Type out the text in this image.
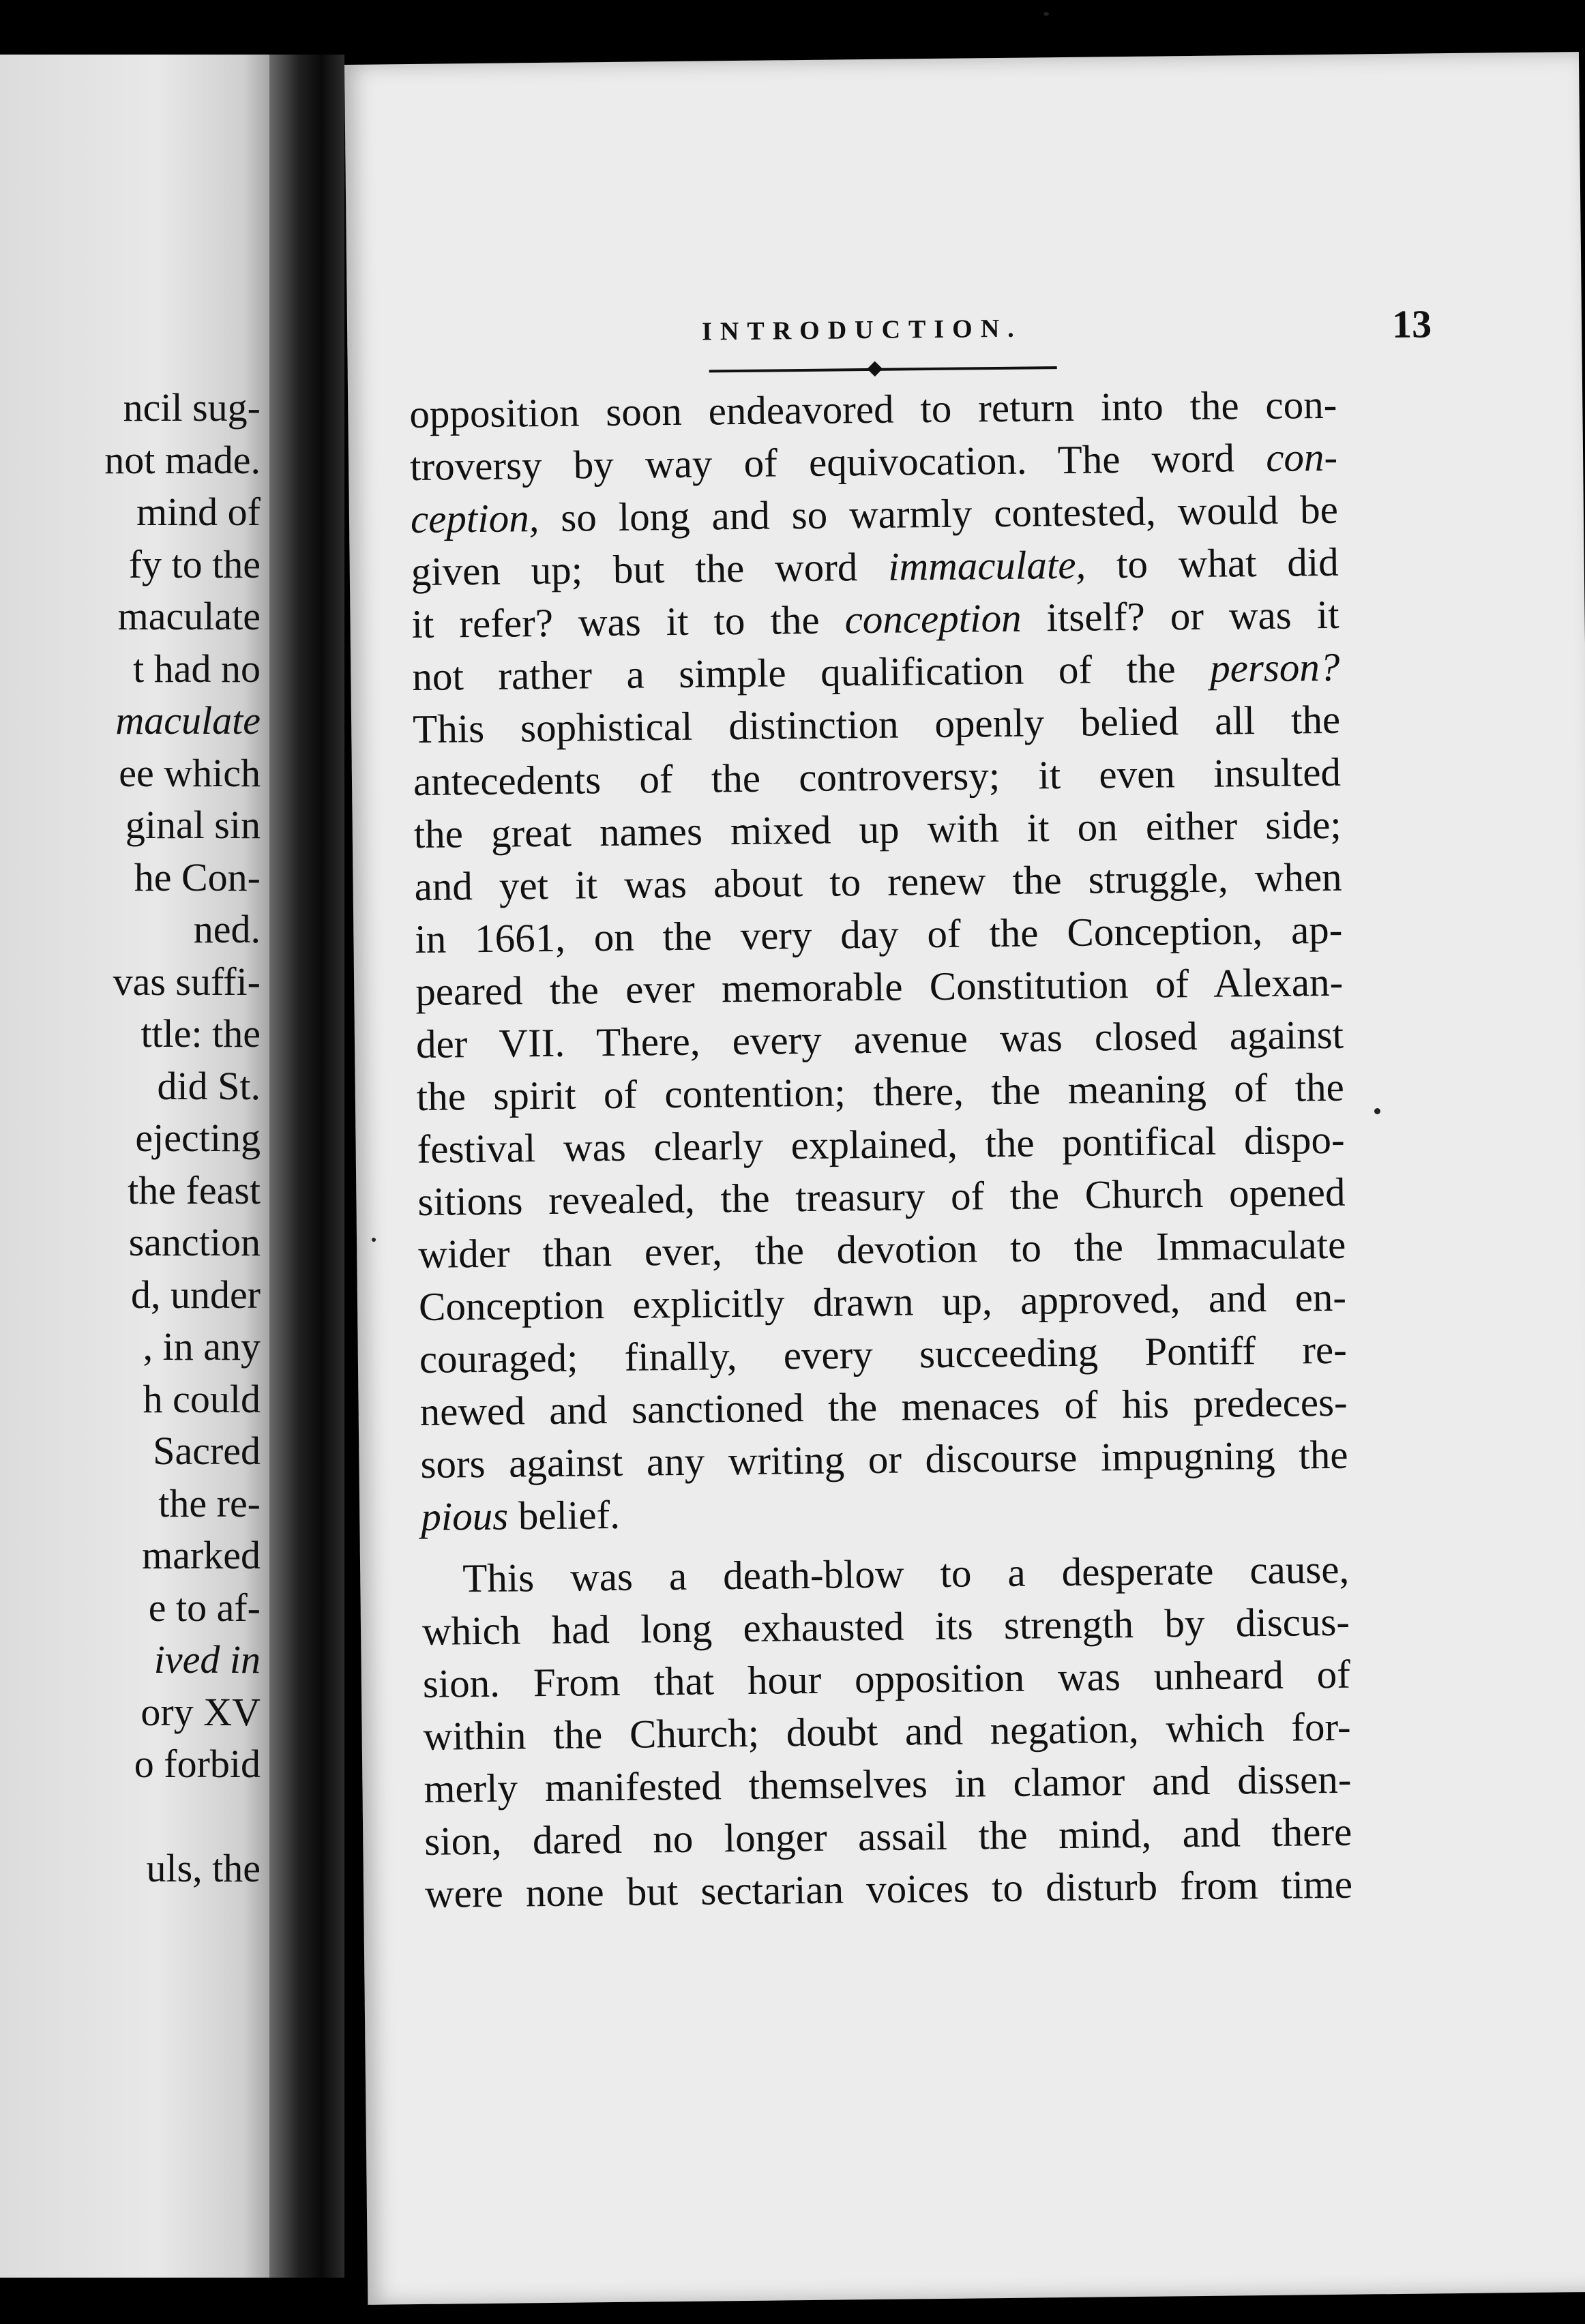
ncil sug-
not made.
mind of
fy to the
maculate
t had no
maculate
ee which
ginal sin
he Con-
ned.
vas suffi-
ttle: the
did St.
ejecting
the feast
sanction
d, under
, in any
h could
Sacred
the re-
marked
e to af-
ived in
ory XV
o forbid
uls, the
INTRODUCTION.	13
opposition soon endeavored to return into the con-
troversy by way of equivocation. The word con-
ception, so long and so warmly contested, would be
given up; but the word immaculate, to what did
it refer? was it to the conception itself? or was it
not rather a simple qualification of the person?
This sophistical distinction openly belied all the
antecedents of the controversy; it even insulted
the great names mixed up with it on either side;
and yet it was about to renew the struggle, when
in 1661, on the very day of the Conception, ap-
peared the ever memorable Constitution of Alexan-
der VII. There, every avenue was closed against
the spirit of contention; there, the meaning of the
festival was clearly explained, the pontifical dispo-
sitions revealed, the treasury of the Church opened
wider than ever, the devotion to the Immaculate
Conception explicitly drawn up, approved, and en-
couraged; finally, every succeeding Pontiff re-
newed and sanctioned the menaces of his predeces-
sors against any writing or discourse impugning the
pious belief.
This was a death-blow to a desperate cause,
which had long exhausted its strength by discus-
sion. From that hour opposition was unheard of
within the Church; doubt and negation, which for-
merly manifested themselves in clamor and dissen-
sion, dared no longer assail the mind, and there
were none but sectarian voices to disturb from time
